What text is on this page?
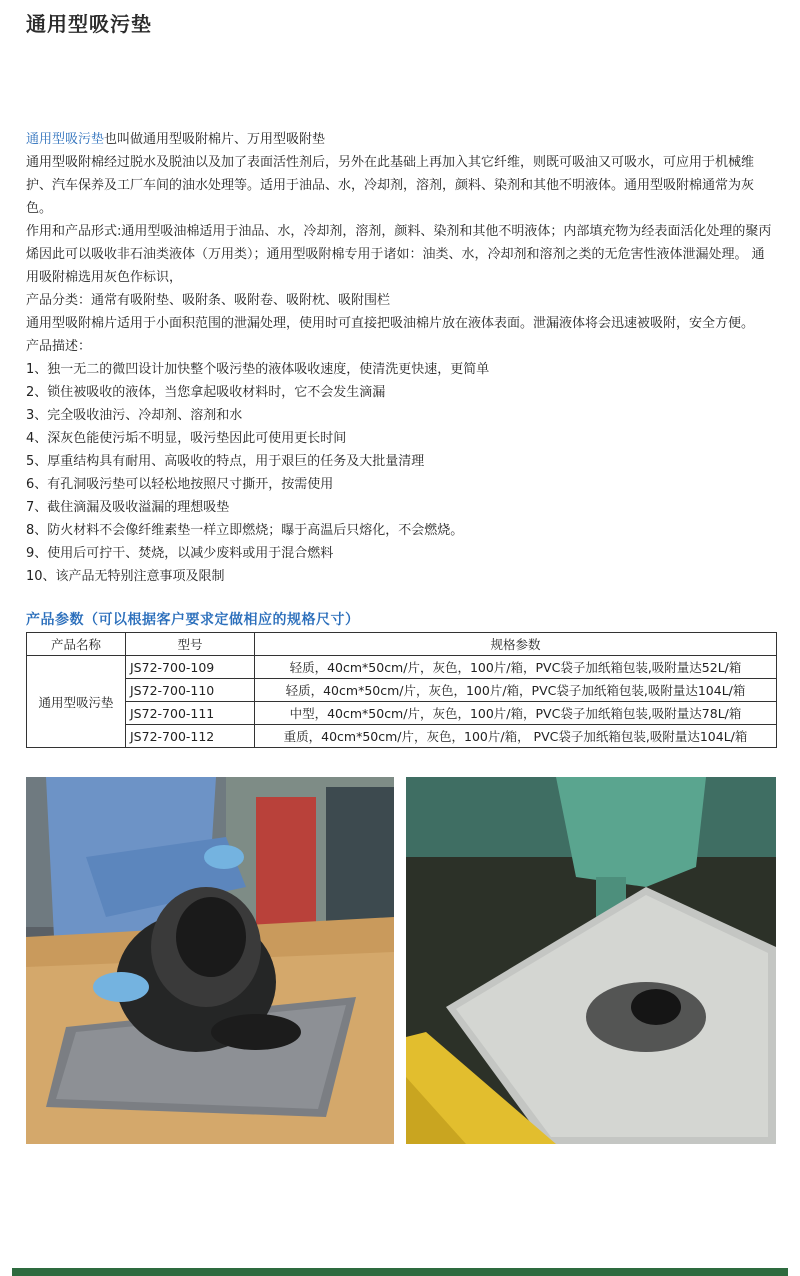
通用型吸污垫

通用型吸污垫也叫做通用型吸附棉片、万用型吸附垫

通用型吸附棉经过脱水及脱油以及加了表面活性剂后，另外在此基础上再加入其它纤维，则既可吸油又可吸水，可应用于机械维护、汽车保养及工厂车间的油水处理等。适用于油品、水，冷却剂，溶剂，颜料、染剂和其他不明液体。通用型吸附棉通常为灰色。

作用和产品形式:通用型吸油棉适用于油品、水，冷却剂，溶剂，颜料、染剂和其他不明液体；内部填充物为经表面活化处理的聚丙烯因此可以吸收非石油类液体（万用类）；通用型吸附棉专用于诸如：油类、水，冷却剂和溶剂之类的无危害性液体泄漏处理。 通用吸附棉选用灰色作标识，

产品分类：通常有吸附垫、吸附条、吸附卷、吸附枕、吸附围栏

通用型吸附棉片适用于小面积范围的泄漏处理，使用时可直接把吸油棉片放在液体表面。泄漏液体将会迅速被吸附，安全方便。

产品描述：

1、独一无二的微凹设计加快整个吸污垫的液体吸收速度，使清洗更快速，更简单

2、锁住被吸收的液体，当您拿起吸收材料时，它不会发生滴漏

3、完全吸收油污、冷却剂、溶剂和水

4、深灰色能使污垢不明显，吸污垫因此可使用更长时间

5、厚重结构具有耐用、高吸收的特点，用于艰巨的任务及大批量清理

6、有孔洞吸污垫可以轻松地按照尺寸撕开，按需使用

7、截住滴漏及吸收溢漏的理想吸垫

8、防火材料不会像纤维素垫一样立即燃烧；曝于高温后只熔化，不会燃烧。

9、使用后可拧干、焚烧，以减少废料或用于混合燃料

10、该产品无特别注意事项及限制

产品参数（可以根据客户要求定做相应的规格尺寸）
产品名称	型号	规格参数
通用型吸污垫	JS72-700-109	轻质，40cm*50cm/片，灰色，100片/箱，PVC袋子加纸箱包装,吸附量达52L/箱
	JS72-700-110	轻质，40cm*50cm/片，灰色，100片/箱，PVC袋子加纸箱包装,吸附量达104L/箱
	JS72-700-111	中型，40cm*50cm/片，灰色，100片/箱，PVC袋子加纸箱包装,吸附量达78L/箱
	JS72-700-112	重质，40cm*50cm/片，灰色，100片/箱， PVC袋子加纸箱包装,吸附量达104L/箱
